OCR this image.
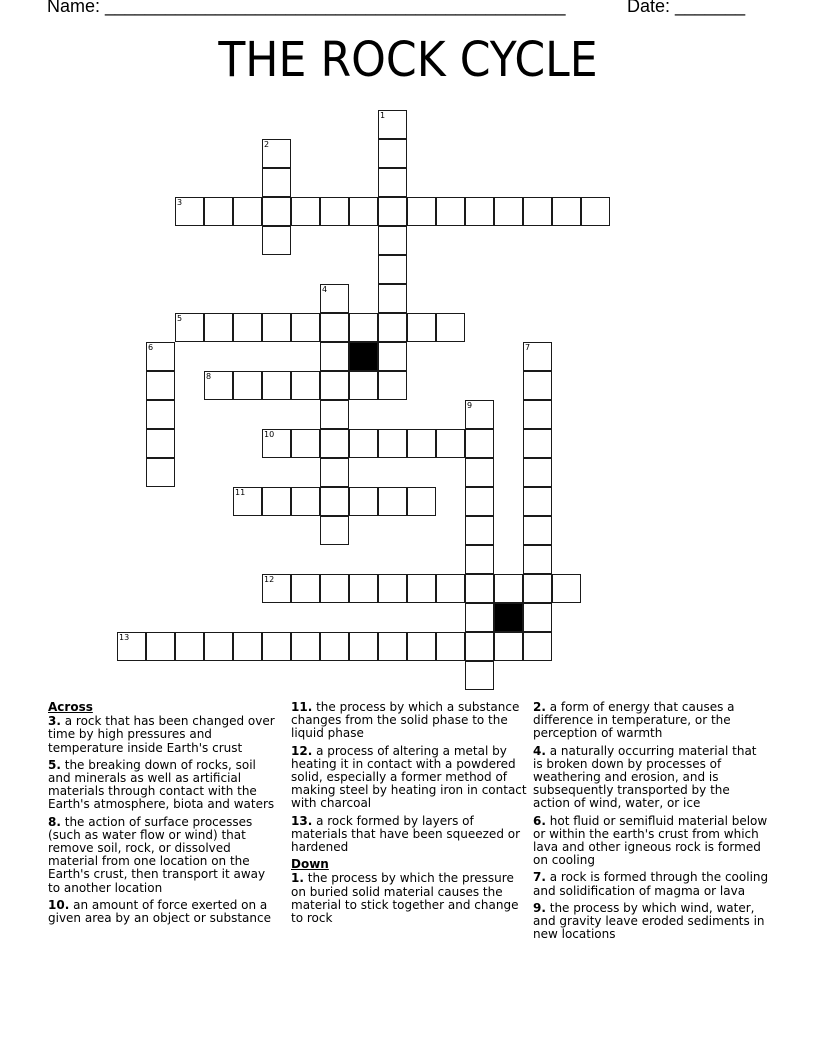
Name: ______________________________________________	Date: _______
THE ROCK CYCLE
1
2
3
4
5
6	7
8
9
10
11
12
13
Across
3. a rock that has been changed over time by high pressures and temperature inside Earth's crust
5. the breaking down of rocks, soil and minerals as well as artificial materials through contact with the Earth's atmosphere, biota and waters
8. the action of surface processes (such as water flow or wind) that remove soil, rock, or dissolved material from one location on the Earth's crust, then transport it away to another location
10. an amount of force exerted on a given area by an object or substance
11. the process by which a substance changes from the solid phase to the liquid phase
12. a process of altering a metal by heating it in contact with a powdered solid, especially a former method of making steel by heating iron in contact with charcoal
13. a rock formed by layers of materials that have been squeezed or hardened
Down
1. the process by which the pressure on buried solid material causes the material to stick together and change to rock
2. a form of energy that causes a difference in temperature, or the perception of warmth
4. a naturally occurring material that is broken down by processes of weathering and erosion, and is subsequently transported by the action of wind, water, or ice
6. hot fluid or semifluid material below or within the earth's crust from which lava and other igneous rock is formed on cooling
7. a rock is formed through the cooling and solidification of magma or lava
9. the process by which wind, water, and gravity leave eroded sediments in new locations
